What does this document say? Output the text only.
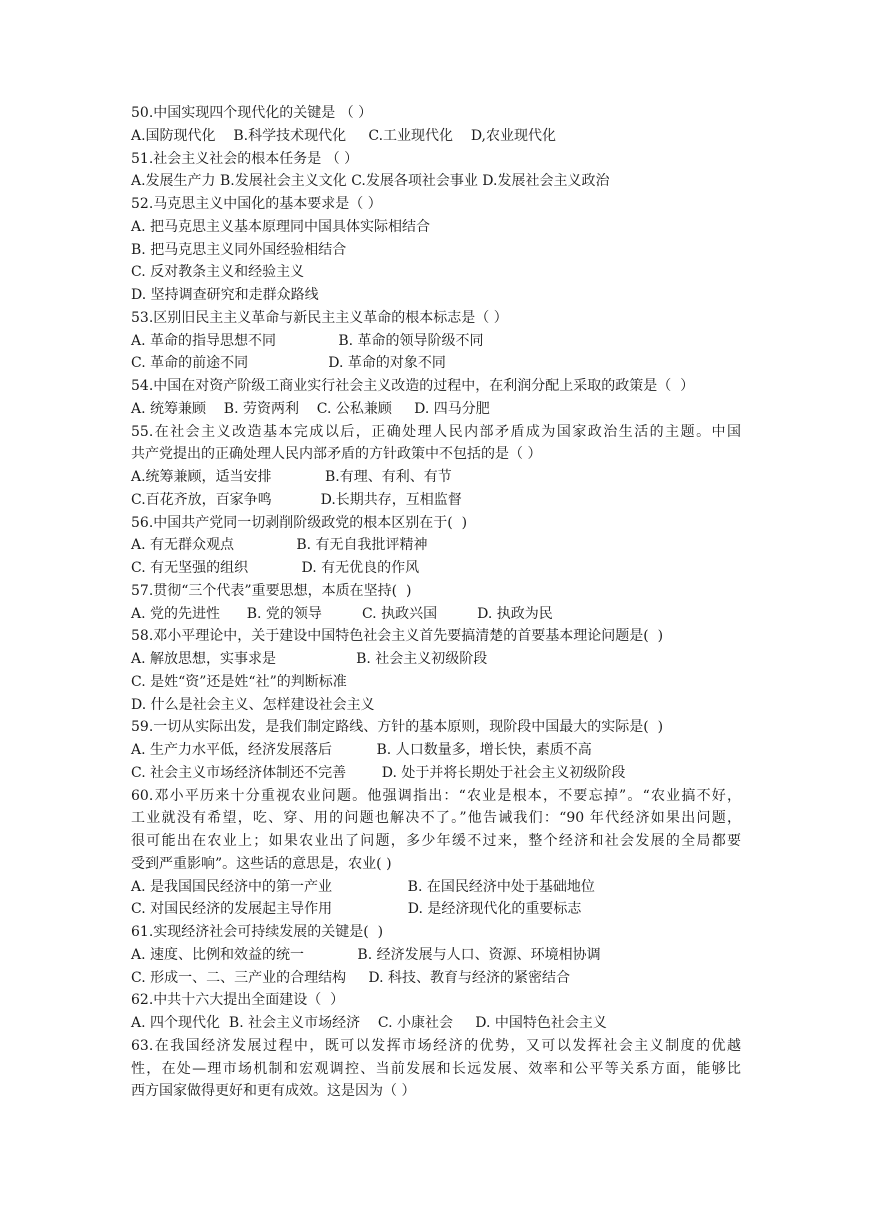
50.中国实现四个现代化的关键是 （ ）
A.国防现代化    B.科学技术现代化     C.工业现代化    D,农业现代化
51.社会主义社会的根本任务是 （ ）
A.发展生产力 B.发展社会主义文化 C.发展各项社会事业 D.发展社会主义政治
52.马克思主义中国化的基本要求是（ ）
A. 把马克思主义基本原理同中国具体实际相结合
B. 把马克思主义同外国经验相结合
C. 反对教条主义和经验主义
D. 坚持调查研究和走群众路线
53.区别旧民主主义革命与新民主主义革命的根本标志是（ ）
A. 革命的指导思想不同              B. 革命的领导阶级不同
C. 革命的前途不同                  D. 革命的对象不同
54.中国在对资产阶级工商业实行社会主义改造的过程中，在利润分配上采取的政策是（  ）
A. 统筹兼顾    B. 劳资两利    C. 公私兼顾     D. 四马分肥
55.在社会主义改造基本完成以后，正确处理人民内部矛盾成为国家政治生活的主题。中国
共产党提出的正确处理人民内部矛盾的方针政策中不包括的是（ ）
A.统筹兼顾，适当安排            B.有理、有利、有节
C.百花齐放，百家争鸣           D.长期共存，互相监督
56.中国共产党同一切剥削阶级政党的根本区别在于(  )
A. 有无群众观点              B. 有无自我批评精神
C. 有无坚强的组织            D. 有无优良的作风
57.贯彻“三个代表”重要思想，本质在坚持(  )
A. 党的先进性      B. 党的领导         C. 执政兴国         D. 执政为民
58.邓小平理论中，关于建设中国特色社会主义首先要搞清楚的首要基本理论问题是(  )
A. 解放思想，实事求是                  B. 社会主义初级阶段
C. 是姓“资”还是姓“社”的判断标准
D. 什么是社会主义、怎样建设社会主义
59.一切从实际出发，是我们制定路线、方针的基本原则，现阶段中国最大的实际是(  )
A. 生产力水平低，经济发展落后          B. 人口数量多，增长快，素质不高
C. 社会主义市场经济体制还不完善        D. 处于并将长期处于社会主义初级阶段
60.邓小平历来十分重视农业问题。他强调指出：“农业是根本，不要忘掉”。“农业搞不好，
工业就没有希望，吃、穿、用的问题也解决不了。”他告诫我们：“90 年代经济如果出问题，
很可能出在农业上；如果农业出了问题，多少年缓不过来，整个经济和社会发展的全局都要
受到严重影响”。这些话的意思是，农业( )
A. 是我国国民经济中的第一产业                 B. 在国民经济中处于基础地位
C. 对国民经济的发展起主导作用                 D. 是经济现代化的重要标志
61.实现经济社会可持续发展的关键是(  )
A. 速度、比例和效益的统一            B. 经济发展与人口、资源、环境相协调
C. 形成一、二、三产业的合理结构     D. 科技、教育与经济的紧密结合
62.中共十六大提出全面建设（  ）
A. 四个现代化  B. 社会主义市场经济    C. 小康社会     D. 中国特色社会主义
63.在我国经济发展过程中，既可以发挥市场经济的优势，又可以发挥社会主义制度的优越
性，在处—理市场机制和宏观调控、当前发展和长远发展、效率和公平等关系方面，能够比
西方国家做得更好和更有成效。这是因为（ ）
